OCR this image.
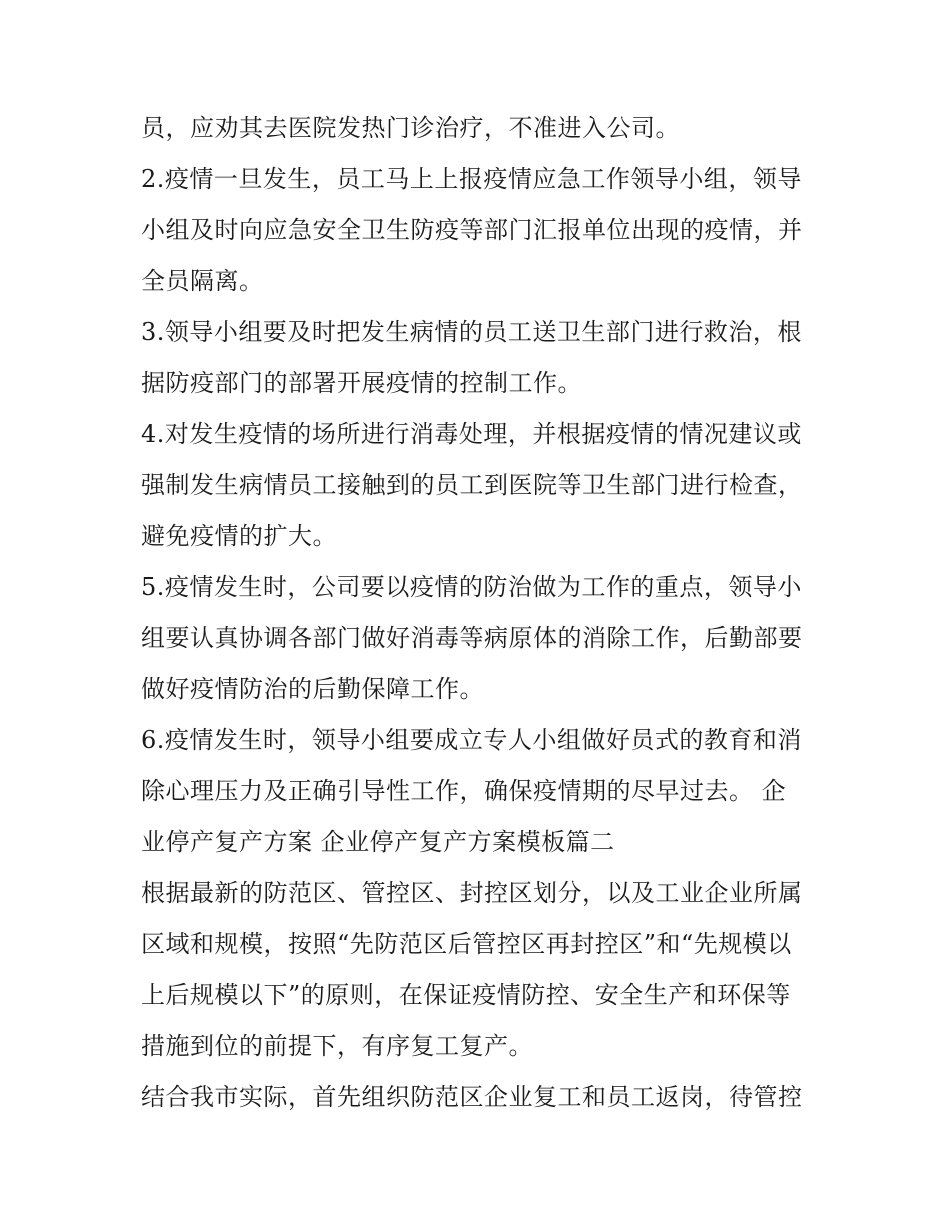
员，应劝其去医院发热门诊治疗，不准进入公司。
2.疫情一旦发生，员工马上上报疫情应急工作领导小组，领导
小组及时向应急安全卫生防疫等部门汇报单位出现的疫情，并
全员隔离。
3.领导小组要及时把发生病情的员工送卫生部门进行救治，根
据防疫部门的部署开展疫情的控制工作。
4.对发生疫情的场所进行消毒处理，并根据疫情的情况建议或
强制发生病情员工接触到的员工到医院等卫生部门进行检查，
避免疫情的扩大。
5.疫情发生时，公司要以疫情的防治做为工作的重点，领导小
组要认真协调各部门做好消毒等病原体的消除工作，后勤部要
做好疫情防治的后勤保障工作。
6.疫情发生时，领导小组要成立专人小组做好员式的教育和消
除心理压力及正确引导性工作，确保疫情期的尽早过去。 企
业停产复产方案 企业停产复产方案模板篇二
根据最新的防范区、管控区、封控区划分，以及工业企业所属
区域和规模，按照“先防范区后管控区再封控区”和“先规模以
上后规模以下”的原则，在保证疫情防控、安全生产和环保等
措施到位的前提下，有序复工复产。
结合我市实际，首先组织防范区企业复工和员工返岗，待管控
